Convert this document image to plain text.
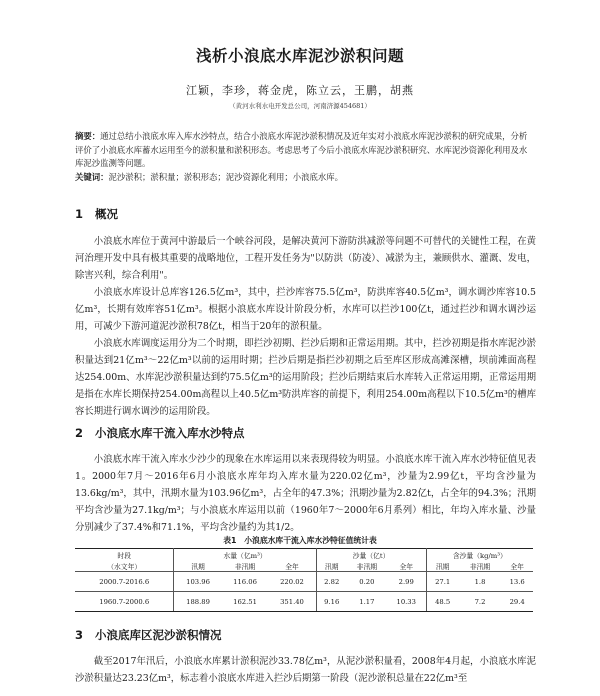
浅析小浪底水库泥沙淤积问题
江颖，李珍，蒋金虎，陈立云，王鹏，胡燕
（黄河水利水电开发总公司，河南济源454681）
摘要：通过总结小浪底水库入库水沙特点，结合小浪底水库泥沙淤积情况及近年实对小浪底水库泥沙淤积的研究成果，分析评价了小浪底水库蓄水运用至今的淤积量和淤积形态。考虑思考了今后小浪底水库泥沙淤积研究、水库泥沙资源化利用及水库泥沙监测等问题。
关键词：泥沙淤积；淤积量；淤积形态；泥沙资源化利用；小浪底水库。
1 概况

小浪底水库位于黄河中游最后一个峡谷河段，是解决黄河下游防洪减淤等问题不可替代的关键性工程，在黄河治理开发中具有极其重要的战略地位，工程开发任务为"以防洪（防凌）、减淤为主，兼顾供水、灌溉、发电，除害兴利，综合利用"。

小浪底水库设计总库容126.5亿m³，其中，拦沙库容75.5亿m³，防洪库容40.5亿m³，调水调沙库容10.5亿m³，长期有效库容51亿m³。根据小浪底水库设计阶段分析，水库可以拦沙100亿t，通过拦沙和调水调沙运用，可减少下游河道泥沙淤积78亿t，相当于20年的淤积量。

小浪底水库调度运用分为二个时期，即拦沙初期、拦沙后期和正常运用期。其中，拦沙初期是指水库泥沙淤积量达到21亿m³～22亿m³以前的运用时期；拦沙后期是指拦沙初期之后至库区形成高滩深槽，坝前滩面高程达254.00m、水库泥沙淤积量达到约75.5亿m³的运用阶段；拦沙后期结束后水库转入正常运用期，正常运用期是指在水库长期保持254.00m高程以上40.5亿m³防洪库容的前提下，利用254.00m高程以下10.5亿m³的槽库容长期进行调水调沙的运用阶段。

2 小浪底水库干流入库水沙特点

小浪底水库干流入库水少沙少的现象在水库运用以来表现得较为明显。小浪底水库干流入库水沙特征值见表1。2000年7月～2016年6月小浪底水库年均入库水量为220.02亿m³，沙量为2.99亿t，平均含沙量为13.6kg/m³，其中，汛期水量为103.96亿m³，占全年的47.3%；汛期沙量为2.82亿t，占全年的94.3%；汛期平均含沙量为27.1kg/m³；与小浪底水库运用以前（1960年7～2000年6月系列）相比，年均入库水量、沙量分别减少了37.4%和71.1%，平均含沙量约为其1/2。

表1　小浪底水库干流入库水沙特征值统计表
时段	水量（亿m³）			沙量（亿t）			含沙量（kg/m³）		
（水文年）	汛期	非汛期	全年	汛期	非汛期	全年	汛期	非汛期	全年
2000.7-2016.6	103.96	116.06	220.02	2.82	0.20	2.99	27.1	1.8	13.6
1960.7-2000.6	188.89	162.51	351.40	9.16	1.17	10.33	48.5	7.2	29.4
3 小浪底库区泥沙淤积情况

截至2017年汛后，小浪底水库累计淤积泥沙33.78亿m³，从泥沙淤积量看，2008年4月起，小浪底水库泥沙淤积量达23.23亿m³，标志着小浪底水库进入拦沙后期第一阶段（泥沙淤积总量在22亿m³至
